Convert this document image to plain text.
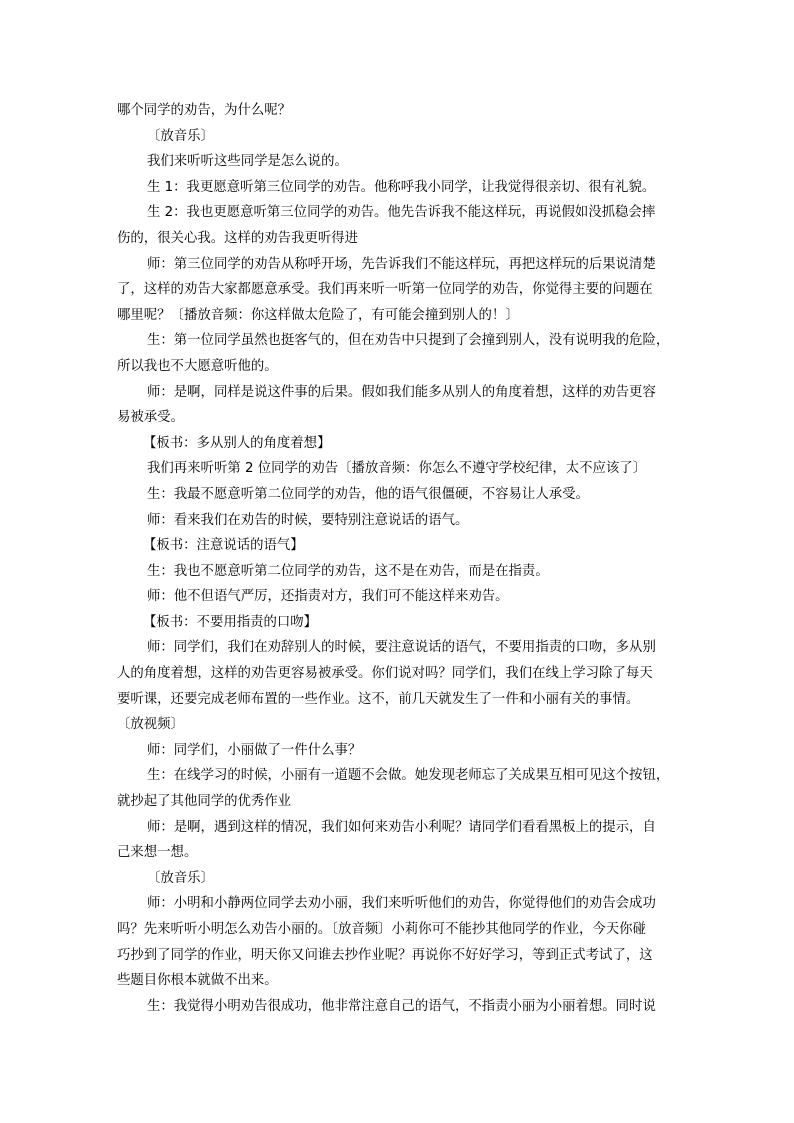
哪个同学的劝告，为什么呢？
〔放音乐〕
我们来听听这些同学是怎么说的。
生 1：我更愿意听第三位同学的劝告。他称呼我小同学，让我觉得很亲切、很有礼貌。
生 2：我也更愿意听第三位同学的劝告。他先告诉我不能这样玩，再说假如没抓稳会摔
伤的，很关心我。这样的劝告我更听得进
师：第三位同学的劝告从称呼开场，先告诉我们不能这样玩，再把这样玩的后果说清楚
了，这样的劝告大家都愿意承受。我们再来听一听第一位同学的劝告，你觉得主要的问题在
哪里呢？〔播放音频：你这样做太危险了，有可能会撞到别人的！〕
生：第一位同学虽然也挺客气的，但在劝告中只提到了会撞到别人，没有说明我的危险，
所以我也不大愿意听他的。
师：是啊，同样是说这件事的后果。假如我们能多从别人的角度着想，这样的劝告更容
易被承受。
【板书：多从别人的角度着想】
我们再来听听第 2 位同学的劝告〔播放音频：你怎么不遵守学校纪律，太不应该了〕
生：我最不愿意听第二位同学的劝告，他的语气很僵硬，不容易让人承受。
师：看来我们在劝告的时候，要特别注意说话的语气。
【板书：注意说话的语气】
生：我也不愿意听第二位同学的劝告，这不是在劝告，而是在指责。
师：他不但语气严厉，还指责对方，我们可不能这样来劝告。
【板书：不要用指责的口吻】
师：同学们，我们在劝辞别人的时候，要注意说话的语气，不要用指责的口吻，多从别
人的角度着想，这样的劝告更容易被承受。你们说对吗？同学们，我们在线上学习除了每天
要听课，还要完成老师布置的一些作业。这不，前几天就发生了一件和小丽有关的事情。
〔放视频〕
师：同学们，小丽做了一件什么事？
生：在线学习的时候，小丽有一道题不会做。她发现老师忘了关成果互相可见这个按钮，
就抄起了其他同学的优秀作业
师：是啊，遇到这样的情况，我们如何来劝告小利呢？请同学们看看黑板上的提示，自
己来想一想。
〔放音乐〕
师：小明和小静两位同学去劝小丽，我们来听听他们的劝告，你觉得他们的劝告会成功
吗？先来听听小明怎么劝告小丽的。〔放音频〕小莉你可不能抄其他同学的作业，今天你碰
巧抄到了同学的作业，明天你又问谁去抄作业呢？再说你不好好学习，等到正式考试了，这
些题目你根本就做不出来。
生：我觉得小明劝告很成功，他非常注意自己的语气，不指责小丽为小丽着想。同时说
